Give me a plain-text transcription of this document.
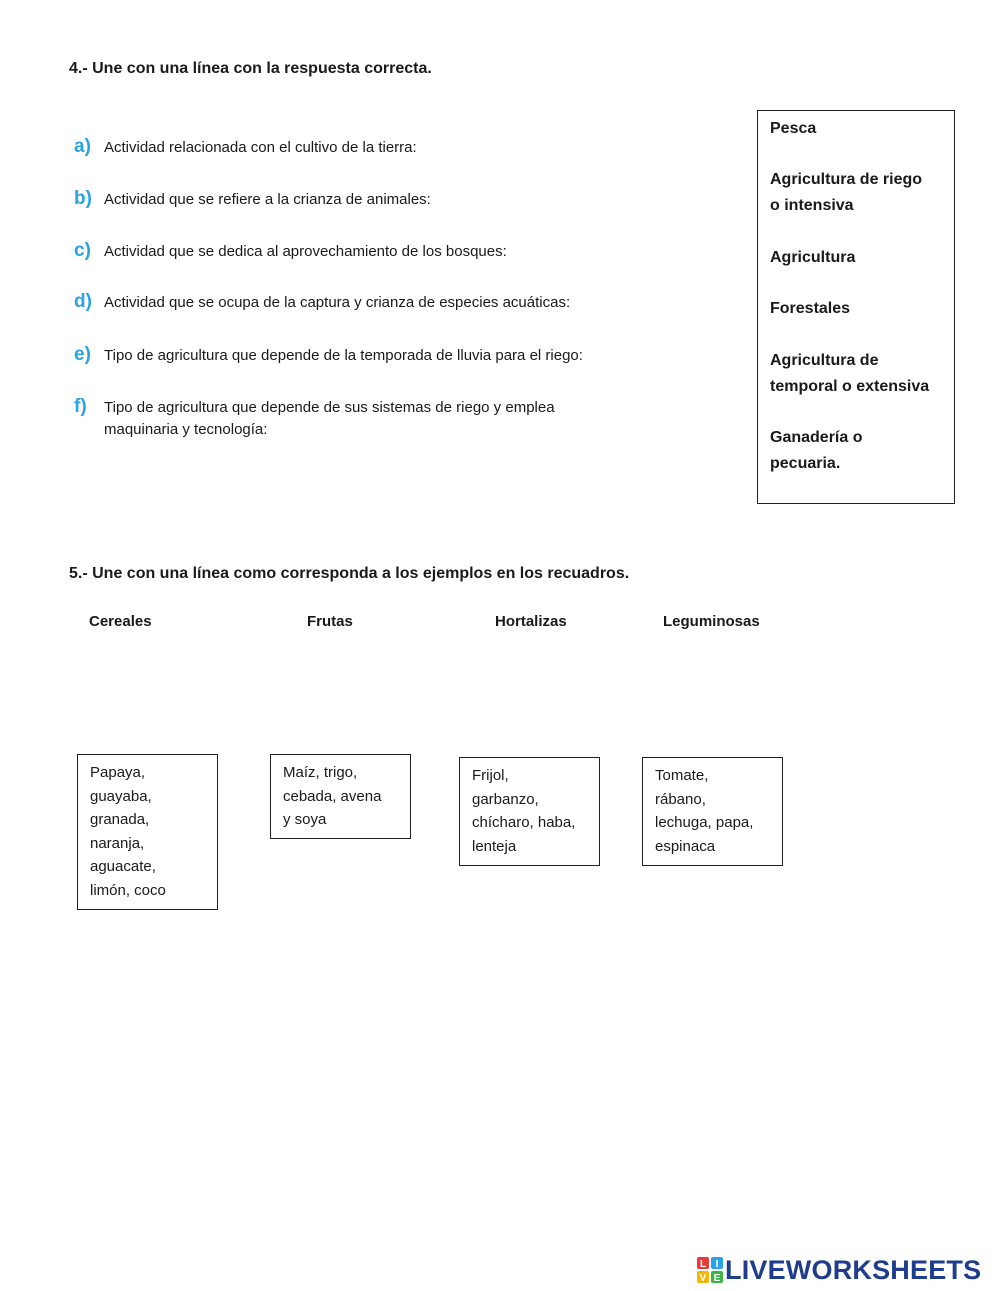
4.- Une con una línea con la respuesta correcta.
a) Actividad relacionada con el cultivo de la tierra:
b) Actividad que se refiere a la crianza de animales:
c) Actividad que se dedica al aprovechamiento de los bosques:
d) Actividad que se ocupa de la captura y crianza de especies acuáticas:
e) Tipo de agricultura que depende de la temporada de lluvia para el riego:
f)	Tipo de agricultura que depende de sus sistemas de riego y emplea
maquinaria y tecnología:
Pesca
Agricultura de riego
o intensiva
Agricultura
Forestales
Agricultura de
temporal o extensiva
Ganadería o
pecuaria.
5.- Une con una línea como corresponda a los ejemplos en los recuadros.
Cereales	Frutas	Hortalizas	Leguminosas
Papaya,
guayaba,
granada,
naranja,
aguacate,
limón, coco
Maíz, trigo,
cebada, avena
y soya
Frijol,
garbanzo,
chícharo, haba,
lenteja
Tomate,
rábano,
lechuga, papa,
espinaca
L I
V E LIVEWORKSHEETS
